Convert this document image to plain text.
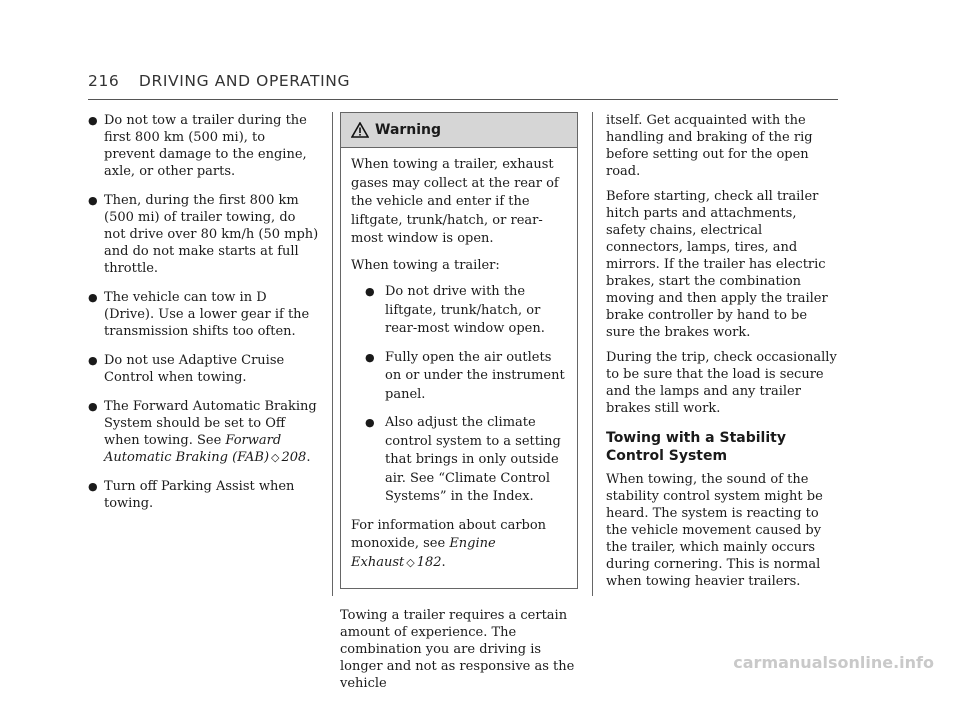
216 DRIVING AND OPERATING
● Do not tow a trailer during the first 800 km (500 mi), to prevent damage to the engine, axle, or other parts.
● Then, during the first 800 km (500 mi) of trailer towing, do not drive over 80 km/h (50 mph) and do not make starts at full throttle.
● The vehicle can tow in D (Drive). Use a lower gear if the transmission shifts too often.
● Do not use Adaptive Cruise Control when towing.
● The Forward Automatic Braking System should be set to Off when towing. See Forward Automatic Braking (FAB) ◇ 208.
● Turn off Parking Assist when towing.
Warning

When towing a trailer, exhaust gases may collect at the rear of the vehicle and enter if the liftgate, trunk/hatch, or rear-most window is open.

When towing a trailer:

● Do not drive with the liftgate, trunk/hatch, or rear-most window open.
● Fully open the air outlets on or under the instrument panel.
● Also adjust the climate control system to a setting that brings in only outside air. See “Climate Control Systems” in the Index.

For information about carbon monoxide, see Engine Exhaust ◇ 182.

Towing a trailer requires a certain amount of experience. The combination you are driving is longer and not as responsive as the vehicle

itself. Get acquainted with the handling and braking of the rig before setting out for the open road.

Before starting, check all trailer hitch parts and attachments, safety chains, electrical connectors, lamps, tires, and mirrors. If the trailer has electric brakes, start the combination moving and then apply the trailer brake controller by hand to be sure the brakes work.

During the trip, check occasionally to be sure that the load is secure and the lamps and any trailer brakes still work.

Towing with a Stability Control System

When towing, the sound of the stability control system might be heard. The system is reacting to the vehicle movement caused by the trailer, which mainly occurs during cornering. This is normal when towing heavier trailers.

carmanualsonline.info
